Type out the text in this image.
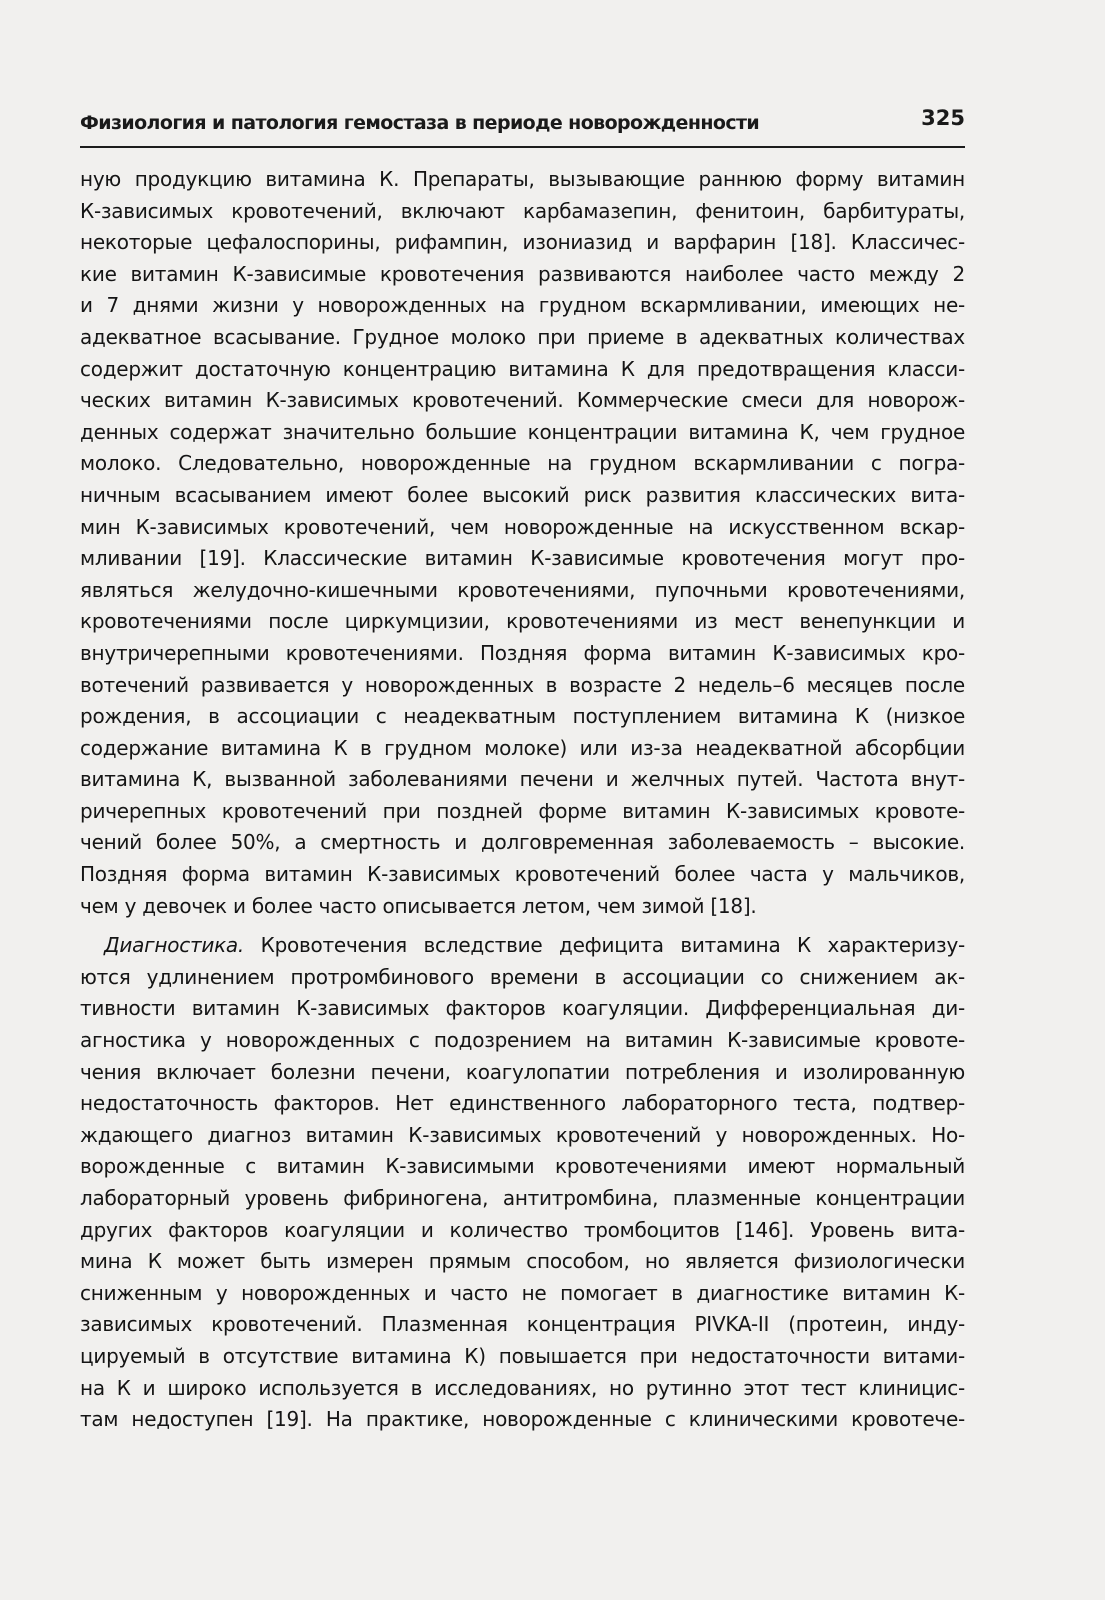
Физиология и патология гемостаза в периоде новорожденности	325
ную продукцию витамина К. Препараты, вызывающие раннюю форму витамин
К-зависимых кровотечений, включают карбамазепин, фенитоин, барбитураты,
некоторые цефалоспорины, рифампин, изониазид и варфарин [18]. Классичес-
кие витамин К-зависимые кровотечения развиваются наиболее часто между 2
и 7 днями жизни у новорожденных на грудном вскармливании, имеющих не-
адекватное всасывание. Грудное молоко при приеме в адекватных количествах
содержит достаточную концентрацию витамина К для предотвращения класси-
ческих витамин К-зависимых кровотечений. Коммерческие смеси для новорож-
денных содержат значительно большие концентрации витамина К, чем грудное
молоко. Следовательно, новорожденные на грудном вскармливании с погра-
ничным всасыванием имеют более высокий риск развития классических вита-
мин К-зависимых кровотечений, чем новорожденные на искусственном вскар-
мливании [19]. Классические витамин К-зависимые кровотечения могут про-
являться желудочно-кишечными кровотечениями, пупочньми кровотечениями,
кровотечениями после циркумцизии, кровотечениями из мест венепункции и
внутричерепными кровотечениями. Поздняя форма витамин К-зависимых кро-
вотечений развивается у новорожденных в возрасте 2 недель–6 месяцев после
рождения, в ассоциации с неадекватным поступлением витамина К (низкое
содержание витамина К в грудном молоке) или из-за неадекватной абсорбции
витамина К, вызванной заболеваниями печени и желчных путей. Частота внут-
ричерепных кровотечений при поздней форме витамин К-зависимых кровоте-
чений более 50%, а смертность и долговременная заболеваемость – высокие.
Поздняя форма витамин К-зависимых кровотечений более часта у мальчиков,
чем у девочек и более часто описывается летом, чем зимой [18].
Диагностика. Кровотечения вследствие дефицита витамина К характеризу-
ются удлинением протромбинового времени в ассоциации со снижением ак-
тивности витамин К-зависимых факторов коагуляции. Дифференциальная ди-
агностика у новорожденных с подозрением на витамин К-зависимые кровоте-
чения включает болезни печени, коагулопатии потребления и изолированную
недостаточность факторов. Нет единственного лабораторного теста, подтвер-
ждающего диагноз витамин К-зависимых кровотечений у новорожденных. Но-
ворожденные с витамин К-зависимыми кровотечениями имеют нормальный
лабораторный уровень фибриногена, антитромбина, плазменные концентрации
других факторов коагуляции и количество тромбоцитов [146]. Уровень вита-
мина К может быть измерен прямым способом, но является физиологически
сниженным у новорожденных и часто не помогает в диагностике витамин К-
зависимых кровотечений. Плазменная концентрация PIVKA-II (протеин, инду-
цируемый в отсутствие витамина К) повышается при недостаточности витами-
на К и широко используется в исследованиях, но рутинно этот тест клиницис-
там недоступен [19]. На практике, новорожденные с клиническими кровотече-
